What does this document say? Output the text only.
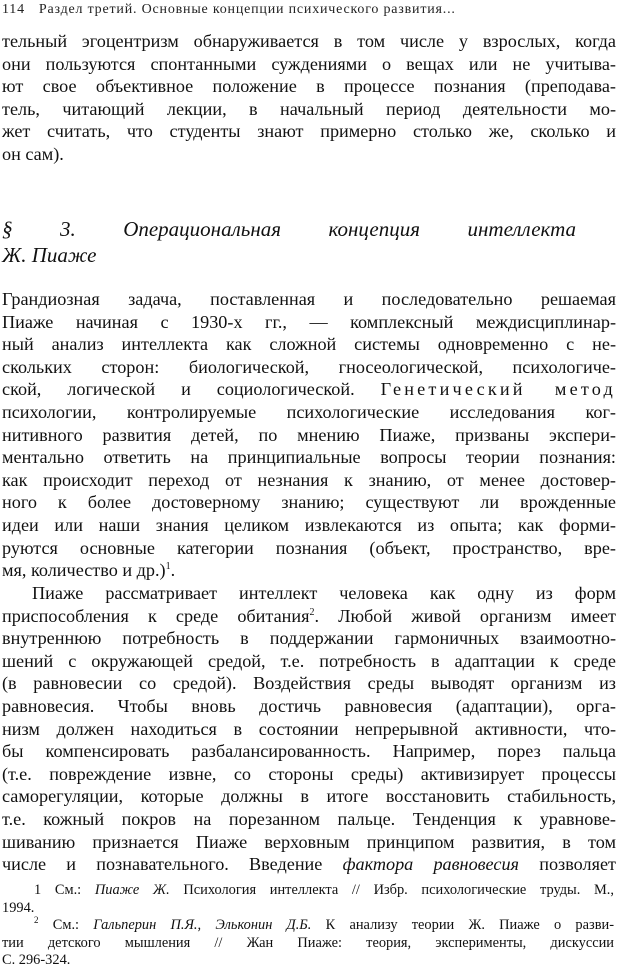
114 Раздел третий. Основные концепции психического развития...
тельный эгоцентризм обнаруживается в том числе у взрослых, когда
они пользуются спонтанными суждениями о вещах или не учитыва-
ют свое объективное положение в процессе познания (преподава-
тель, читающий лекции, в начальный период деятельности мо-
жет считать, что студенты знают примерно столько же, сколько и
он сам).
§ 3. Операциональная концепция интеллекта
Ж. Пиаже
Грандиозная задача, поставленная и последовательно решаемая
Пиаже начиная с 1930-х гг., — комплексный междисциплинар-
ный анализ интеллекта как сложной системы одновременно с не-
скольких сторон: биологической, гносеологической, психологиче-
ской, логической и социологической. Генетический метод
психологии, контролируемые психологические исследования ког-
нитивного развития детей, по мнению Пиаже, призваны экспери-
ментально ответить на принципиальные вопросы теории познания:
как происходит переход от незнания к знанию, от менее достовер-
ного к более достоверному знанию; существуют ли врожденные
идеи или наши знания целиком извлекаются из опыта; как форми-
руются основные категории познания (объект, пространство, вре-
мя, количество и др.)$^1$.
Пиаже рассматривает интеллект человека как одну из форм
приспособления к среде обитания$^2$. Любой живой организм имеет
внутреннюю потребность в поддержании гармоничных взаимоотно-
шений с окружающей средой, т.е. потребность в адаптации к среде
(в равновесии со средой). Воздействия среды выводят организм из
равновесия. Чтобы вновь достичь равновесия (адаптации), орга-
низм должен находиться в состоянии непрерывной активности, что-
бы компенсировать разбалансированность. Например, порез пальца
(т.е. повреждение извне, со стороны среды) активизирует процессы
саморегуляции, которые должны в итоге восстановить стабильность,
т.е. кожный покров на порезанном пальце. Тенденция к уравнове-
шиванию признается Пиаже верховным принципом развития, в том
числе и познавательного. Введение фактора равновесия позволяет
1 См.: Пиаже Ж. Психология интеллекта // Избр. психологические труды. М.,
1994.
$^2$ См.: Гальперин П.Я., Эльконин Д.Б. К анализу теории Ж. Пиаже о разви-
тии детского мышления // Жан Пиаже: теория, эксперименты, дискуссии
С. 296-324.
